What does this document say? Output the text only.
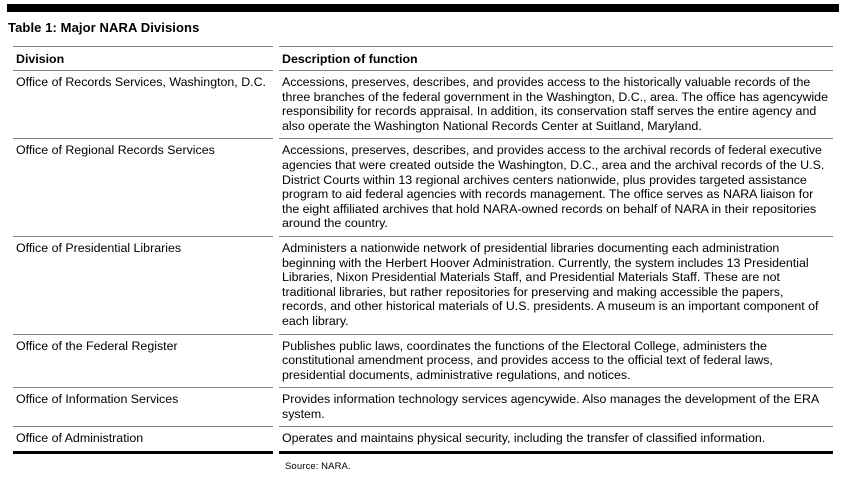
Table 1: Major NARA Divisions
Division	Description of function
Office of Records Services, Washington, D.C.	Accessions, preserves, describes, and provides access to the historically valuable records of the three branches of the federal government in the Washington, D.C., area. The office has agencywide responsibility for records appraisal. In addition, its conservation staff serves the entire agency and also operate the Washington National Records Center at Suitland, Maryland.
Office of Regional Records Services	Accessions, preserves, describes, and provides access to the archival records of federal executive agencies that were created outside the Washington, D.C., area and the archival records of the U.S. District Courts within 13 regional archives centers nationwide, plus provides targeted assistance program to aid federal agencies with records management. The office serves as NARA liaison for the eight affiliated archives that hold NARA-owned records on behalf of NARA in their repositories around the country.
Office of Presidential Libraries	Administers a nationwide network of presidential libraries documenting each administration beginning with the Herbert Hoover Administration. Currently, the system includes 13 Presidential Libraries, Nixon Presidential Materials Staff, and Presidential Materials Staff. These are not traditional libraries, but rather repositories for preserving and making accessible the papers, records, and other historical materials of U.S. presidents. A museum is an important component of each library.
Office of the Federal Register	Publishes public laws, coordinates the functions of the Electoral College, administers the constitutional amendment process, and provides access to the official text of federal laws, presidential documents, administrative regulations, and notices.
Office of Information Services	Provides information technology services agencywide. Also manages the development of the ERA system.
Office of Administration	Operates and maintains physical security, including the transfer of classified information.
Source: NARA.
